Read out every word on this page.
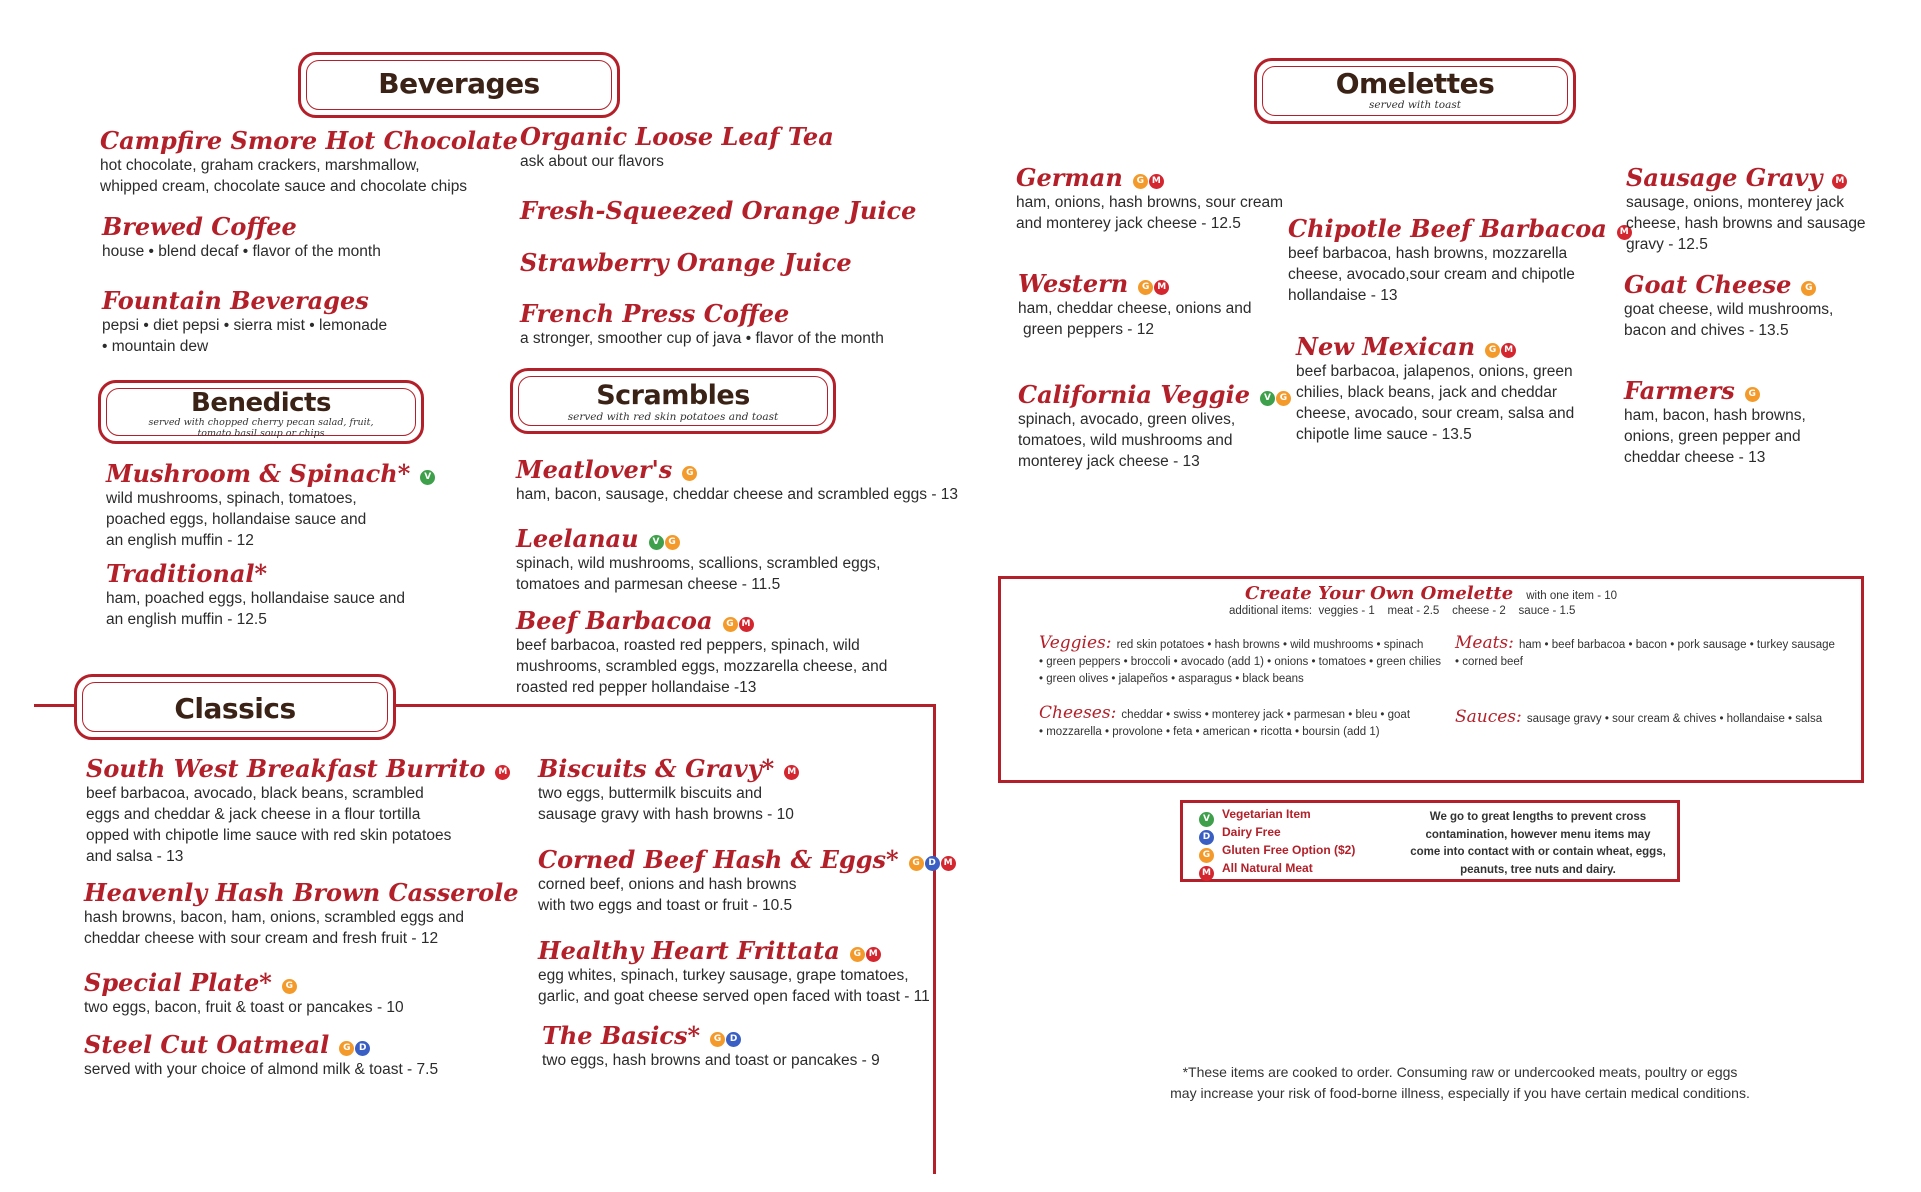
Beverages
Benedicts
served with chopped cherry pecan salad, fruit, tomato basil soup or chips
Scrambles
served with red skin potatoes and toast
Classics
Omelettes
served with toast
Campfire Smore Hot Chocolate
hot chocolate, graham crackers, marshmallow,
whipped cream, chocolate sauce and chocolate chips
Brewed Coffee
house • blend decaf • flavor of the month
Fountain Beverages
pepsi • diet pepsi • sierra mist • lemonade
• mountain dew
Organic Loose Leaf Tea
ask about our flavors
Fresh-Squeezed Orange Juice
Strawberry Orange Juice
French Press Coffee
a stronger, smoother cup of java • flavor of the month
Mushroom & Spinach* V
wild mushrooms, spinach, tomatoes,
poached eggs, hollandaise sauce and
an english muffin - 12
Traditional*
ham, poached eggs, hollandaise sauce and
an english muffin - 12.5
Meatlover's G
ham, bacon, sausage, cheddar cheese and scrambled eggs - 13
Leelanau V G
spinach, wild mushrooms, scallions, scrambled eggs,
tomatoes and parmesan cheese - 11.5
Beef Barbacoa G M
beef barbacoa, roasted red peppers, spinach, wild
mushrooms, scrambled eggs, mozzarella cheese, and
roasted red pepper hollandaise -13
South West Breakfast Burrito M
beef barbacoa, avocado, black beans, scrambled
eggs and cheddar & jack cheese in a flour tortilla
opped with chipotle lime sauce with red skin potatoes
and salsa - 13
Heavenly Hash Brown Casserole
hash browns, bacon, ham, onions, scrambled eggs and
cheddar cheese with sour cream and fresh fruit - 12
Special Plate* G
two eggs, bacon, fruit & toast or pancakes - 10
Steel Cut Oatmeal G D
served with your choice of almond milk & toast - 7.5
Biscuits & Gravy* M
two eggs, buttermilk biscuits and
sausage gravy with hash browns - 10
Corned Beef Hash & Eggs* G D M
corned beef, onions and hash browns
with two eggs and toast or fruit - 10.5
Healthy Heart Frittata G M
egg whites, spinach, turkey sausage, grape tomatoes,
garlic, and goat cheese served open faced with toast - 11
The Basics* G D
two eggs, hash browns and toast or pancakes - 9
German G M
ham, onions, hash browns, sour cream
and monterey jack cheese - 12.5
Western G M
ham, cheddar cheese, onions and
green peppers - 12
California Veggie V G
spinach, avocado, green olives,
tomatoes, wild mushrooms and
monterey jack cheese - 13
Chipotle Beef Barbacoa M
beef barbacoa, hash browns, mozzarella
cheese, avocado,sour cream and chipotle
hollandaise - 13
New Mexican G M
beef barbacoa, jalapenos, onions, green
chilies, black beans, jack and cheddar
cheese, avocado, sour cream, salsa and
chipotle lime sauce - 13.5
Sausage Gravy M
sausage, onions, monterey jack
cheese, hash browns and sausage
gravy - 12.5
Goat Cheese G
goat cheese, wild mushrooms,
bacon and chives - 13.5
Farmers G
ham, bacon, hash browns,
onions, green pepper and
cheddar cheese - 13
Create Your Own Omelette with one item - 10
additional items:  veggies - 1    meat - 2.5    cheese - 2    sauce - 1.5
Veggies: red skin potatoes • hash browns • wild mushrooms • spinach
• green peppers • broccoli • avocado (add 1) • onions • tomatoes • green chilies
• green olives • jalapeños • asparagus • black beans
Meats: ham • beef barbacoa • bacon • pork sausage • turkey sausage
• corned beef
Cheeses: cheddar • swiss • monterey jack • parmesan • bleu • goat
• mozzarella • provolone • feta • american • ricotta • boursin (add 1)
Sauces: sausage gravy • sour cream & chives • hollandaise • salsa
V Vegetarian Item
D Dairy Free
G Gluten Free Option ($2)
M All Natural Meat
We go to great lengths to prevent cross
contamination, however menu items may
come into contact with or contain wheat, eggs,
peanuts, tree nuts and dairy.
*These items are cooked to order. Consuming raw or undercooked meats, poultry or eggs
may increase your risk of food-borne illness, especially if you have certain medical conditions.
